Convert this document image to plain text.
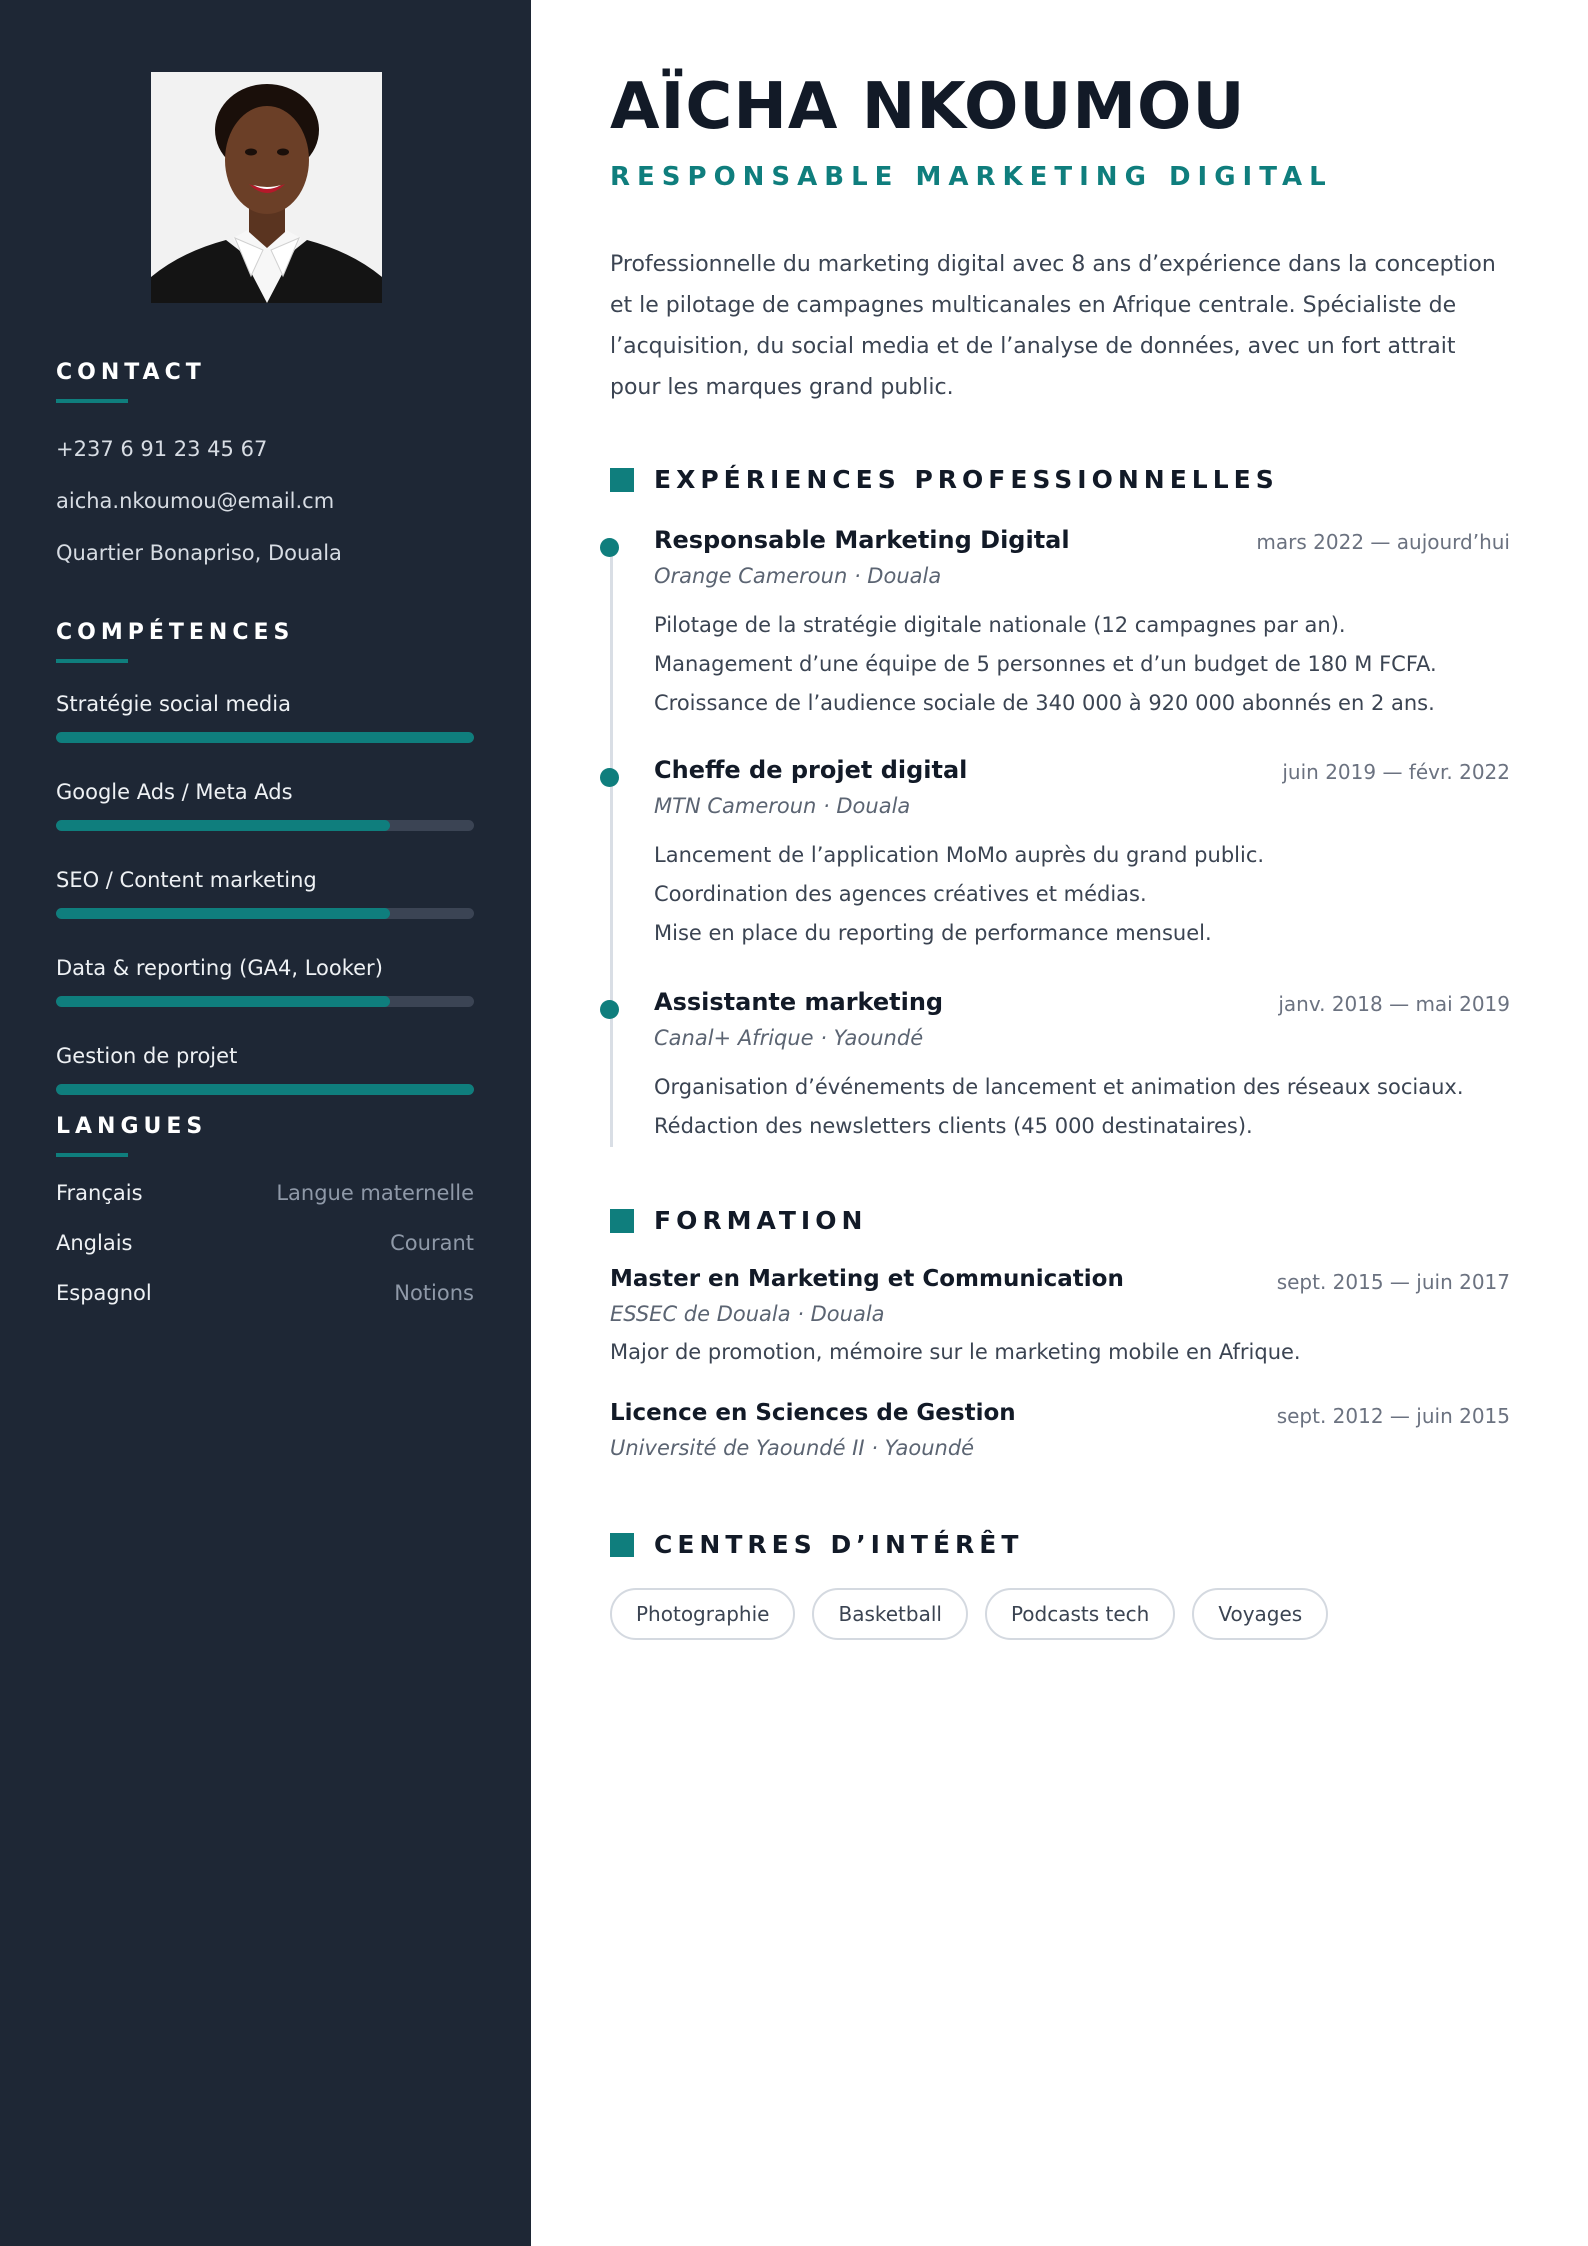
CONTACT
+237 6 91 23 45 67
aicha.nkoumou@email.cm
Quartier Bonapriso, Douala
COMPÉTENCES
Stratégie social media
Google Ads / Meta Ads
SEO / Content marketing
Data & reporting (GA4, Looker)
Gestion de projet
LANGUES
Français	Langue maternelle
Anglais	Courant
Espagnol	Notions
AÏCHA NKOUMOU
RESPONSABLE MARKETING DIGITAL

Professionnelle du marketing digital avec 8 ans d’expérience dans la conception et le pilotage de campagnes multicanales en Afrique centrale. Spécialiste de l’acquisition, du social media et de l’analyse de données, avec un fort attrait pour les marques grand public.

EXPÉRIENCES PROFESSIONNELLES
Responsable Marketing Digital	mars 2022 — aujourd’hui
Orange Cameroun · Douala
Pilotage de la stratégie digitale nationale (12 campagnes par an).
Management d’une équipe de 5 personnes et d’un budget de 180 M FCFA.
Croissance de l’audience sociale de 340 000 à 920 000 abonnés en 2 ans.
Cheffe de projet digital	juin 2019 — févr. 2022
MTN Cameroun · Douala
Lancement de l’application MoMo auprès du grand public.
Coordination des agences créatives et médias.
Mise en place du reporting de performance mensuel.
Assistante marketing	janv. 2018 — mai 2019
Canal+ Afrique · Yaoundé
Organisation d’événements de lancement et animation des réseaux sociaux.
Rédaction des newsletters clients (45 000 destinataires).
FORMATION
Master en Marketing et Communication	sept. 2015 — juin 2017
ESSEC de Douala · Douala
Major de promotion, mémoire sur le marketing mobile en Afrique.
Licence en Sciences de Gestion	sept. 2012 — juin 2015
Université de Yaoundé II · Yaoundé
CENTRES D’INTÉRÊT
Photographie	Basketball	Podcasts tech	Voyages
